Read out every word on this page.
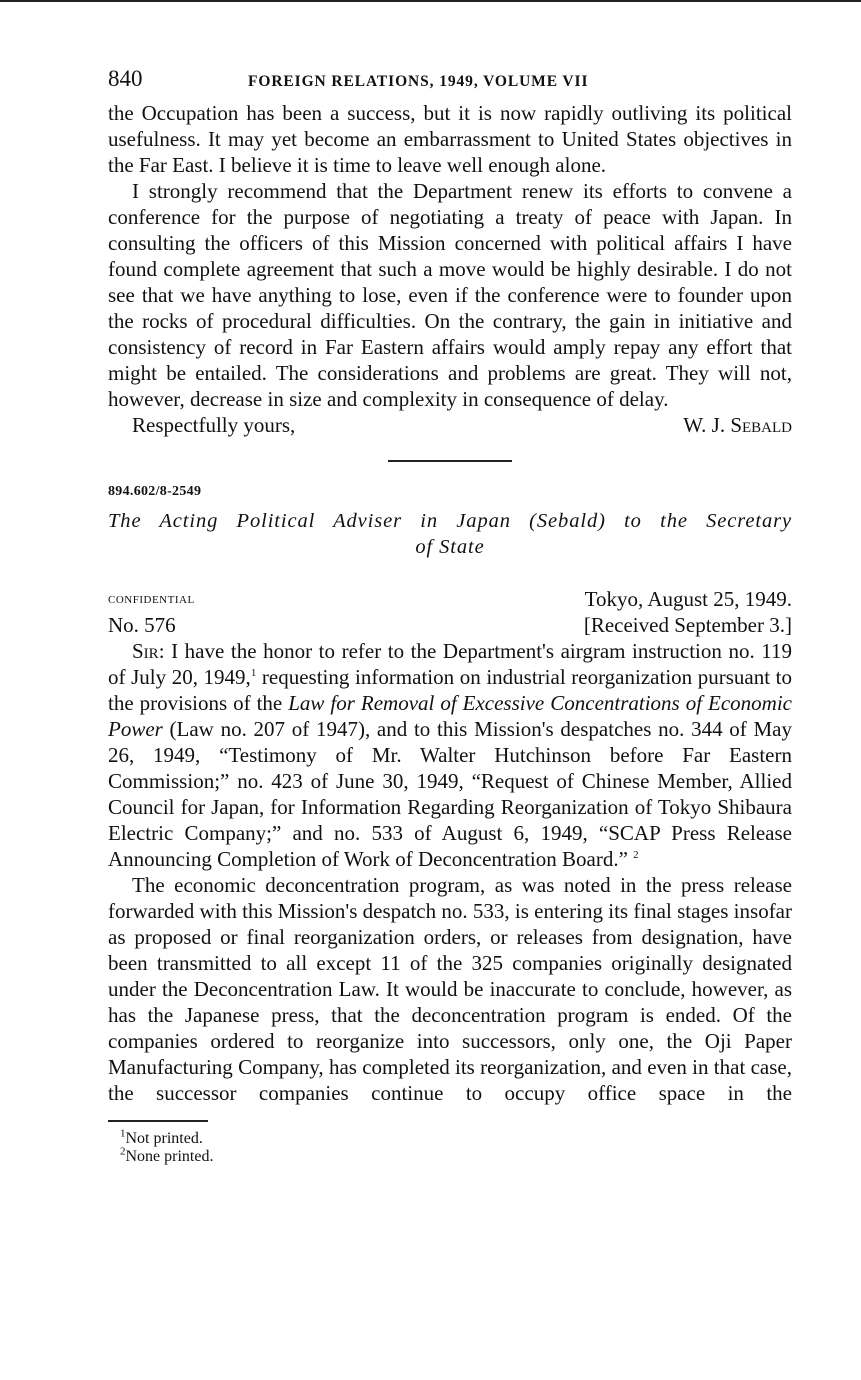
840	FOREIGN RELATIONS, 1949, VOLUME VII

the Occupation has been a success, but it is now rapidly outliving its political usefulness. It may yet become an embarrassment to United States objectives in the Far East. I believe it is time to leave well enough alone.

I strongly recommend that the Department renew its efforts to convene a conference for the purpose of negotiating a treaty of peace with Japan. In consulting the officers of this Mission concerned with political affairs I have found complete agreement that such a move would be highly desirable. I do not see that we have anything to lose, even if the conference were to founder upon the rocks of procedural difficulties. On the contrary, the gain in initiative and consistency of record in Far Eastern affairs would amply repay any effort that might be entailed. The considerations and problems are great. They will not, however, decrease in size and complexity in consequence of delay.

Respectfully yours,	W. J. Sebald
894.602/8-2549
The Acting Political Adviser in Japan (Sebald) to the Secretary
of State
confidential	Tokyo, August 25, 1949.
No. 576	[Received September 3.]

Sir: I have the honor to refer to the Department's airgram instruction no. 119 of July 20, 1949,$^1$ requesting information on industrial reorganization pursuant to the provisions of the Law for Removal of Excessive Concentrations of Economic Power (Law no. 207 of 1947), and to this Mission's despatches no. 344 of May 26, 1949, “Testimony of Mr. Walter Hutchinson before Far Eastern Commission;” no. 423 of June 30, 1949, “Request of Chinese Member, Allied Council for Japan, for Information Regarding Reorganization of Tokyo Shibaura Electric Company;” and no. 533 of August 6, 1949, “SCAP Press Release Announcing Completion of Work of Deconcentration Board.” $^2$

The economic deconcentration program, as was noted in the press release forwarded with this Mission's despatch no. 533, is entering its final stages insofar as proposed or final reorganization orders, or releases from designation, have been transmitted to all except 11 of the 325 companies originally designated under the Deconcentration Law. It would be inaccurate to conclude, however, as has the Japanese press, that the deconcentration program is ended. Of the companies ordered to reorganize into successors, only one, the Oji Paper Manufacturing Company, has completed its reorganization, and even in that case, the successor companies continue to occupy office space in the

$^1$Not printed.
$^2$None printed.
